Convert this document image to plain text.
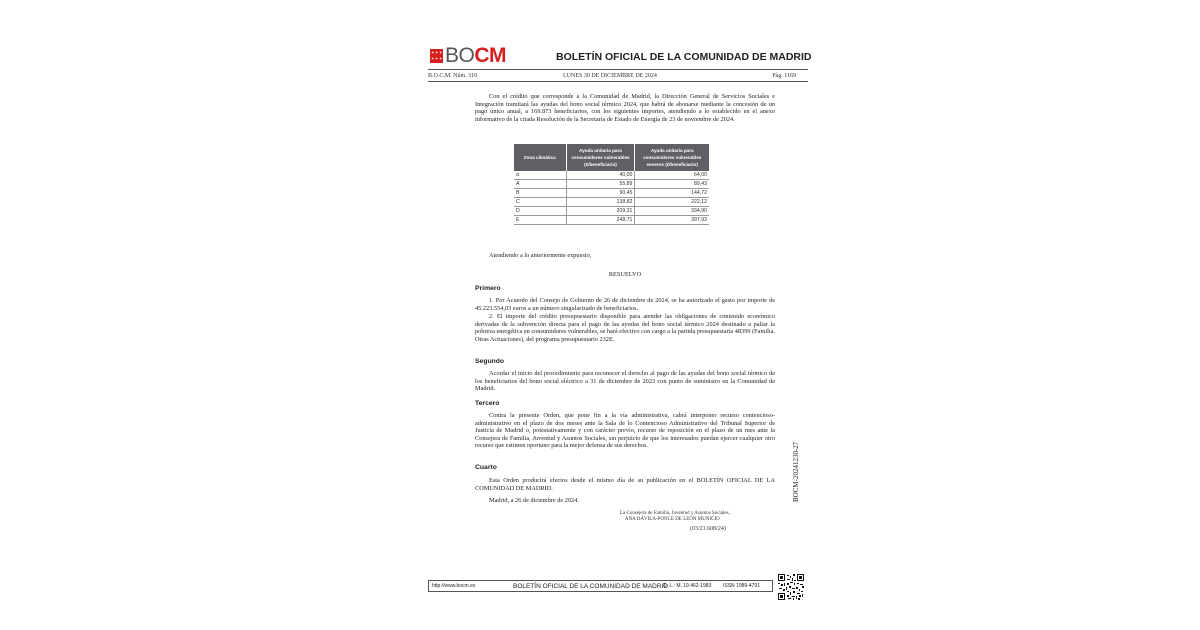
✶ ✶ ✶
✶ ✶ ✶ BOCM	BOLETÍN OFICIAL DE LA COMUNIDAD DE MADRID
B.O.C.M. Núm. 310	LUNES 30 DE DICIEMBRE DE 2024	Pág. 1169

Con el crédito que corresponde a la Comunidad de Madrid, la Dirección General de Servicios Sociales e Integración tramitará las ayudas del bono social térmico 2024, que habrá de abonarse mediante la concesión de un pago único anual, a 169.873 beneficiarios, con los siguientes importes, atendiendo a lo establecido en el anexo informativo de la citada Resolución de la Secretaría de Estado de Energía de 23 de noviembre de 2024.

Zona climática	Ayuda unitaria para consumidores vulnerables (€/beneficiario)	Ayuda unitaria para consumidores vulnerables severos (€/beneficiario)
α	40,00	64,00
A	55,89	89,43
B	90,45	144,72
C	138,82	222,12
D	209,31	334,90
E	248,71	397,93

Atendiendo a lo anteriormente expuesto,

RESUELVO

Primero

1. Por Acuerdo del Consejo de Gobierno de 26 de diciembre de 2024, se ha autorizado el gasto por importe de 45.223.554,03 euros a un número singularizado de beneficiarios.

2. El importe del crédito presupuestario disponible para atender las obligaciones de contenido económico derivadas de la subvención directa para el pago de las ayudas del bono social térmico 2024 destinado a paliar la pobreza energética en consumidores vulnerables, se hará efectivo con cargo a la partida presupuestaria 48399 (Familia. Otras Actuaciones), del programa presupuestario 232E.

Segundo

Acordar el inicio del procedimiento para reconocer el derecho al pago de las ayudas del bono social térmico de los beneficiarios del bono social eléctrico a 31 de diciembre de 2023 con punto de suministro en la Comunidad de Madrid.

Tercero

Contra la presente Orden, que pone fin a la vía administrativa, cabrá interponer recurso contencioso-administrativo en el plazo de dos meses ante la Sala de lo Contencioso Administrativo del Tribunal Superior de Justicia de Madrid o, potestativamente y con carácter previo, recurso de reposición en el plazo de un mes ante la Consejera de Familia, Juventud y Asuntos Sociales, sin perjuicio de que los interesados puedan ejercer cualquier otro recurso que estimen oportuno para la mejor defensa de sus derechos.

Cuarto

Esta Orden producirá efectos desde el mismo día de su publicación en el BOLETÍN OFICIAL DE LA COMUNIDAD DE MADRID.

Madrid, a 26 de diciembre de 2024.

La Consejera de Familia, Juventud y Asuntos Sociales,
ANA DÁVILA-PONCE DE LEÓN MUNICIO
(03/21.608/24)
BOCM-20241230-27
http://www.bocm.es	BOLETÍN OFICIAL DE LA COMUNIDAD DE MADRID
D. L.: M. 19.462-1983	ISSN 1989-4791
